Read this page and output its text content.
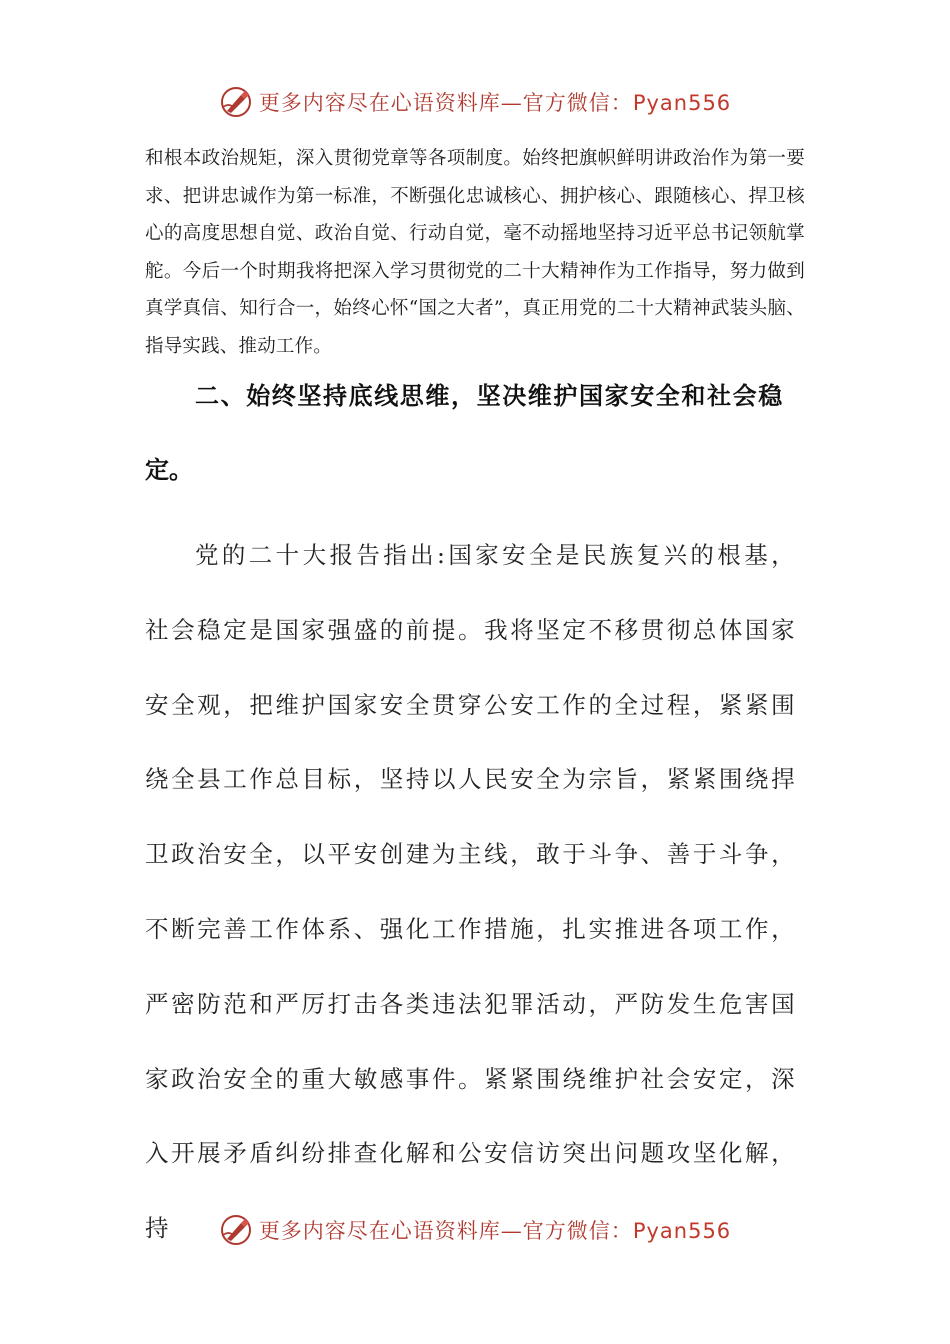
更多内容尽在心语资料库—官方微信：Pyan556
和根本政治规矩，深入贯彻党章等各项制度。始终把旗帜鲜明讲政治作为第一要求、把讲忠诚作为第一标准，不断强化忠诚核心、拥护核心、跟随核心、捍卫核心的高度思想自觉、政治自觉、行动自觉，毫不动摇地坚持习近平总书记领航掌舵。今后一个时期我将把深入学习贯彻党的二十大精神作为工作指导，努力做到真学真信、知行合一，始终心怀“国之大者”，真正用党的二十大精神武装头脑、指导实践、推动工作。
二、始终坚持底线思维，坚决维护国家安全和社会稳
定。
党的二十大报告指出:国家安全是民族复兴的根基，社会稳定是国家强盛的前提。我将坚定不移贯彻总体国家安全观，把维护国家安全贯穿公安工作的全过程，紧紧围绕全县工作总目标，坚持以人民安全为宗旨，紧紧围绕捍卫政治安全，以平安创建为主线，敢于斗争、善于斗争，不断完善工作体系、强化工作措施，扎实推进各项工作，严密防范和严厉打击各类违法犯罪活动，严防发生危害国家政治安全的重大敏感事件。紧紧围绕维护社会安定，深入开展矛盾纠纷排查化解和公安信访突出问题攻坚化解，持	更多内容尽在心语资料库—官方微信：Pyan556
